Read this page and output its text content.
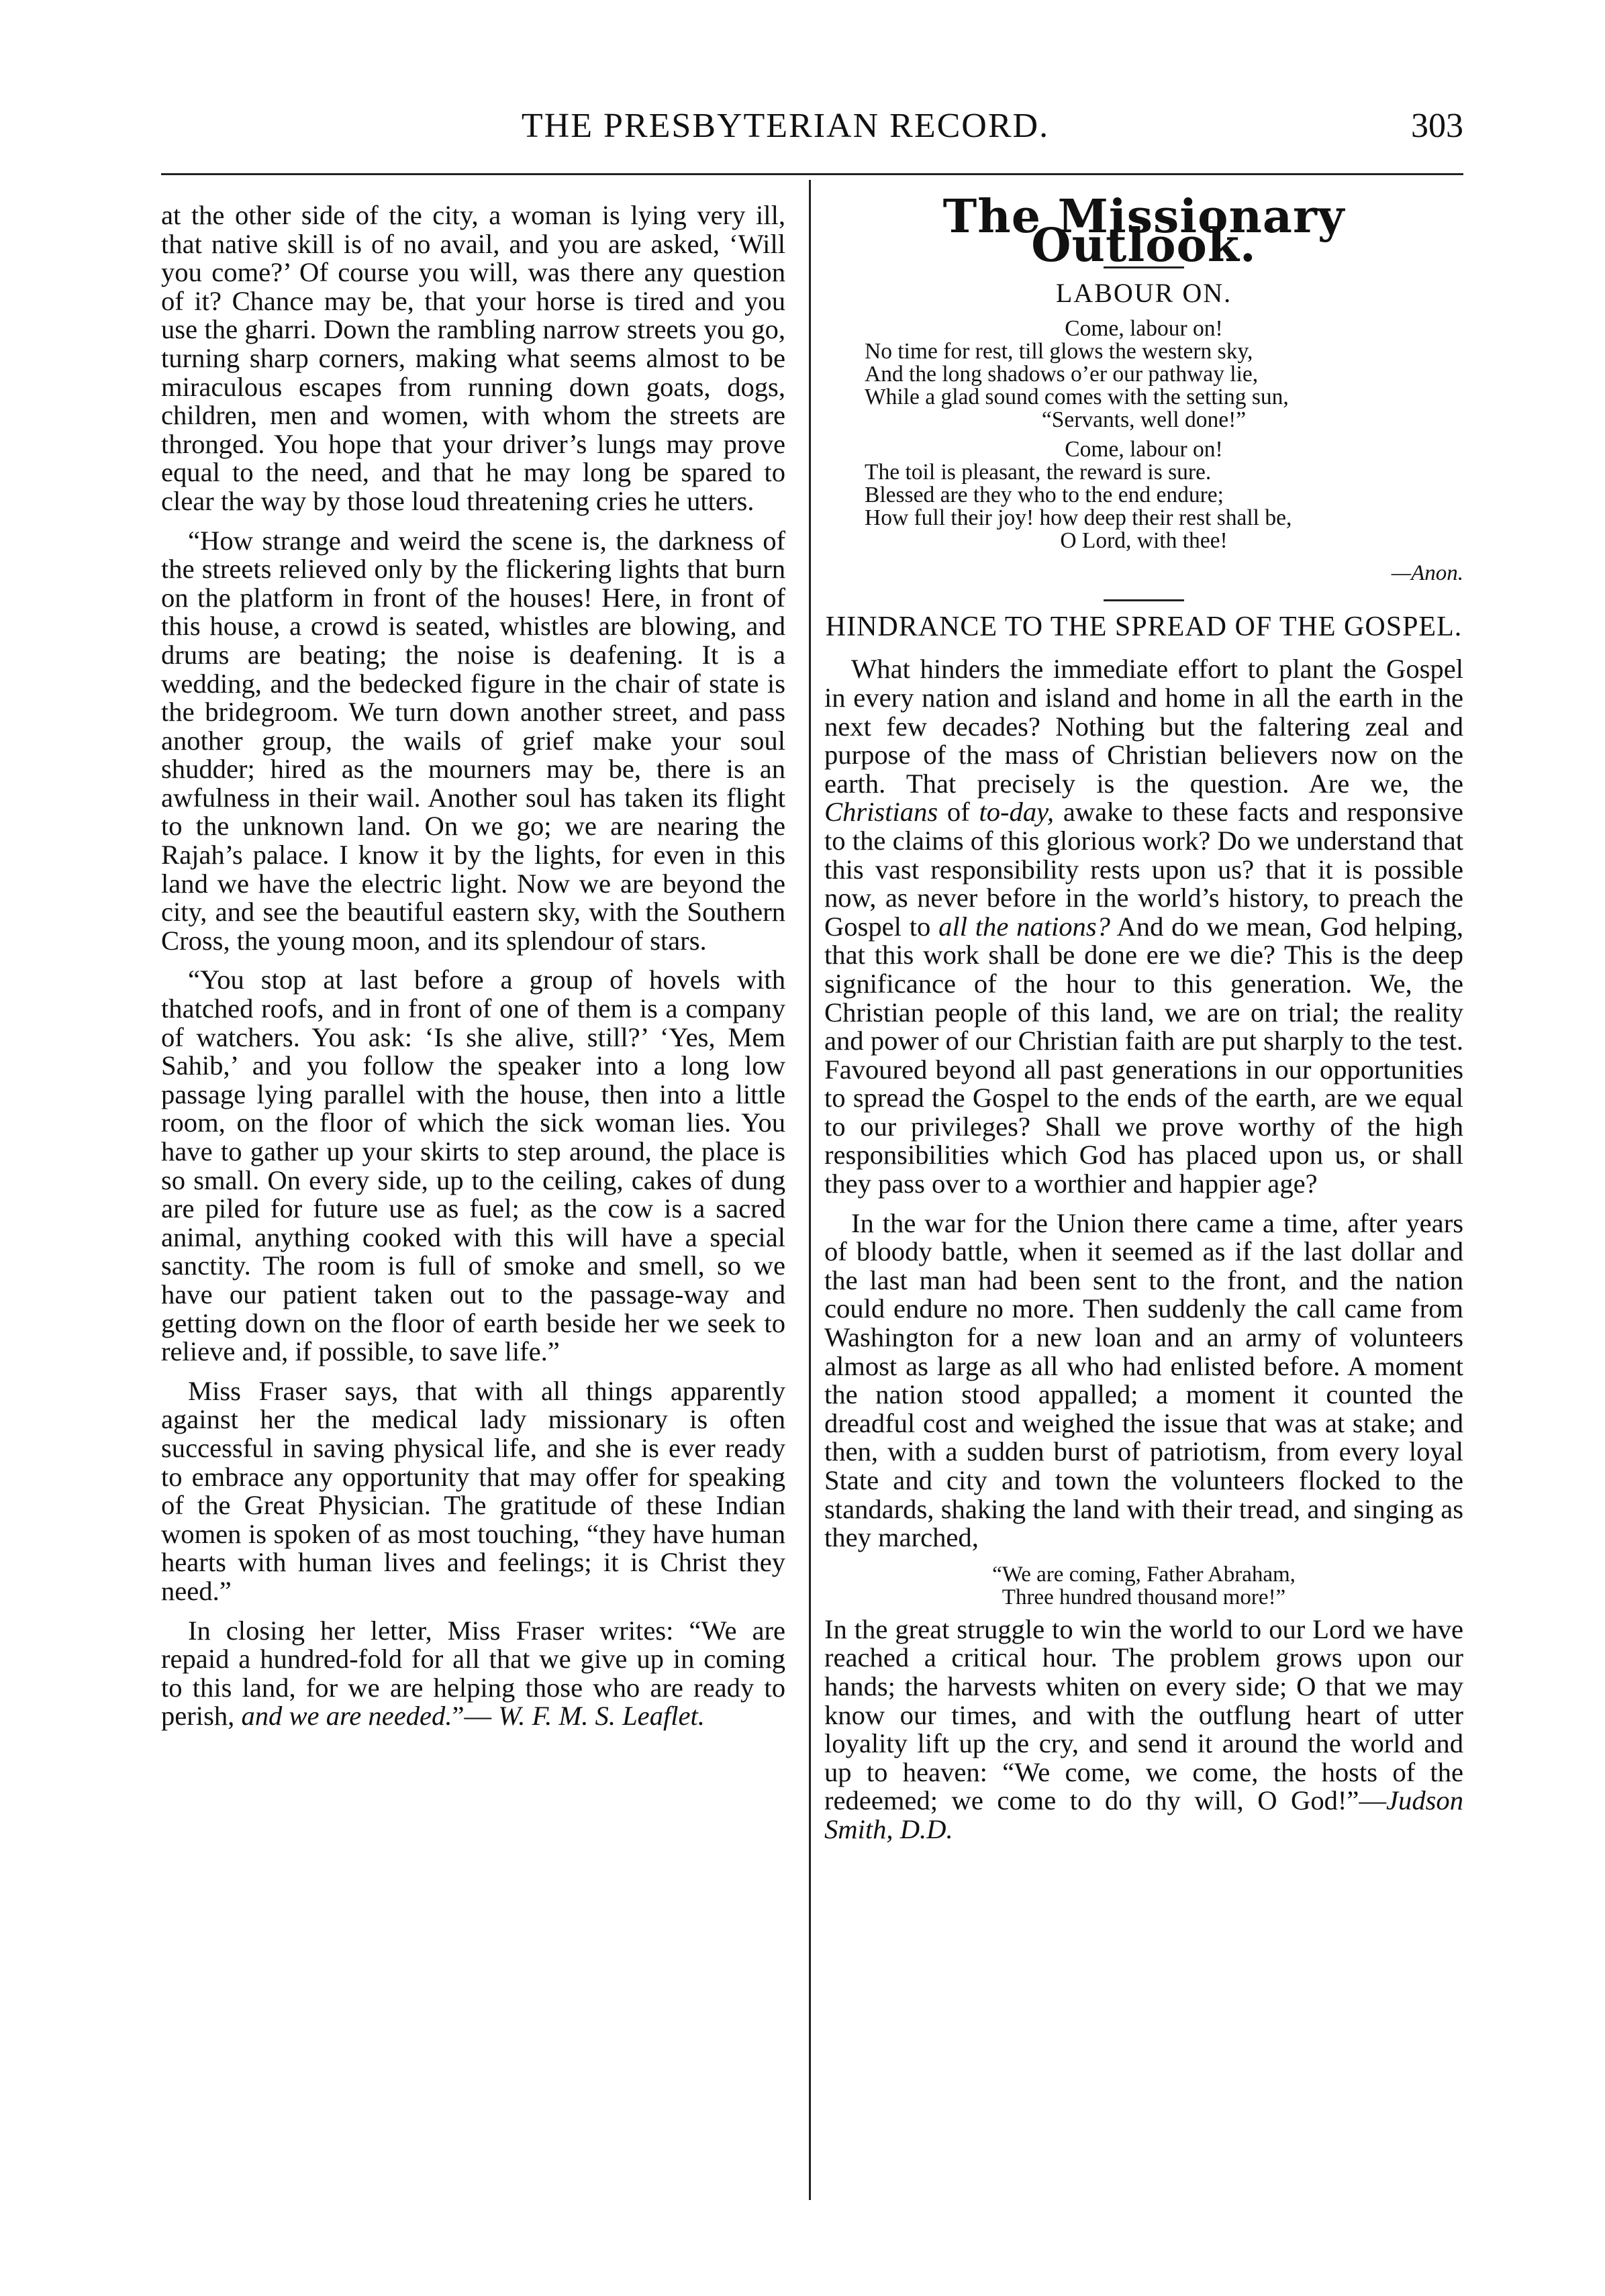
THE PRESBYTERIAN RECORD.	303

at the other side of the city, a woman is lying very ill, that native skill is of no avail, and you are asked, ‘Will you come?’ Of course you will, was there any question of it? Chance may be, that your horse is tired and you use the gharri. Down the rambling narrow streets you go, turning sharp corners, making what seems almost to be miraculous escapes from running down goats, dogs, children, men and women, with whom the streets are thronged. You hope that your driver’s lungs may prove equal to the need, and that he may long be spared to clear the way by those loud threatening cries he utters.

“How strange and weird the scene is, the darkness of the streets relieved only by the flickering lights that burn on the platform in front of the houses! Here, in front of this house, a crowd is seated, whistles are blowing, and drums are beating; the noise is deafening. It is a wedding, and the bedecked figure in the chair of state is the bridegroom. We turn down another street, and pass another group, the wails of grief make your soul shudder; hired as the mourners may be, there is an awfulness in their wail. Another soul has taken its flight to the unknown land. On we go; we are nearing the Rajah’s palace. I know it by the lights, for even in this land we have the electric light. Now we are beyond the city, and see the beautiful eastern sky, with the Southern Cross, the young moon, and its splendour of stars.

“You stop at last before a group of hovels with thatched roofs, and in front of one of them is a company of watchers. You ask: ‘Is she alive, still?’ ‘Yes, Mem Sahib,’ and you follow the speaker into a long low passage lying parallel with the house, then into a little room, on the floor of which the sick woman lies. You have to gather up your skirts to step around, the place is so small. On every side, up to the ceiling, cakes of dung are piled for future use as fuel; as the cow is a sacred animal, anything cooked with this will have a special sanctity. The room is full of smoke and smell, so we have our patient taken out to the passage-way and getting down on the floor of earth beside her we seek to relieve and, if possible, to save life.”

Miss Fraser says, that with all things apparently against her the medical lady missionary is often successful in saving physical life, and she is ever ready to embrace any opportunity that may offer for speaking of the Great Physician. The gratitude of these Indian women is spoken of as most touching, “they have human hearts with human lives and feelings; it is Christ they need.”

In closing her letter, Miss Fraser writes: “We are repaid a hundred-fold for all that we give up in coming to this land, for we are helping those who are ready to perish, and we are needed.”— W. F. M. S. Leaflet.

The Missionary Outlook.
LABOUR ON.
Come, labour on!
No time for rest, till glows the western sky,
And the long shadows o’er our pathway lie,
While a glad sound comes with the setting sun,
“Servants, well done!”
Come, labour on!
The toil is pleasant, the reward is sure.
Blessed are they who to the end endure;
How full their joy! how deep their rest shall be,
O Lord, with thee!
—Anon.
HINDRANCE TO THE SPREAD OF THE GOSPEL.

What hinders the immediate effort to plant the Gospel in every nation and island and home in all the earth in the next few decades? Nothing but the faltering zeal and purpose of the mass of Christian believers now on the earth. That precisely is the question. Are we, the Christians of to-day, awake to these facts and responsive to the claims of this glorious work? Do we understand that this vast responsibility rests upon us? that it is possible now, as never before in the world’s history, to preach the Gospel to all the nations? And do we mean, God helping, that this work shall be done ere we die? This is the deep significance of the hour to this generation. We, the Christian people of this land, we are on trial; the reality and power of our Christian faith are put sharply to the test. Favoured beyond all past generations in our opportunities to spread the Gospel to the ends of the earth, are we equal to our privileges? Shall we prove worthy of the high responsibilities which God has placed upon us, or shall they pass over to a worthier and happier age?

In the war for the Union there came a time, after years of bloody battle, when it seemed as if the last dollar and the last man had been sent to the front, and the nation could endure no more. Then suddenly the call came from Washington for a new loan and an army of volunteers almost as large as all who had enlisted before. A moment the nation stood appalled; a moment it counted the dreadful cost and weighed the issue that was at stake; and then, with a sudden burst of patriotism, from every loyal State and city and town the volunteers flocked to the standards, shaking the land with their tread, and singing as they marched,

“We are coming, Father Abraham,
Three hundred thousand more!”

In the great struggle to win the world to our Lord we have reached a critical hour. The problem grows upon our hands; the harvests whiten on every side; O that we may know our times, and with the outflung heart of utter loyality lift up the cry, and send it around the world and up to heaven: “We come, we come, the hosts of the redeemed; we come to do thy will, O God!”—Judson Smith, D.D.
